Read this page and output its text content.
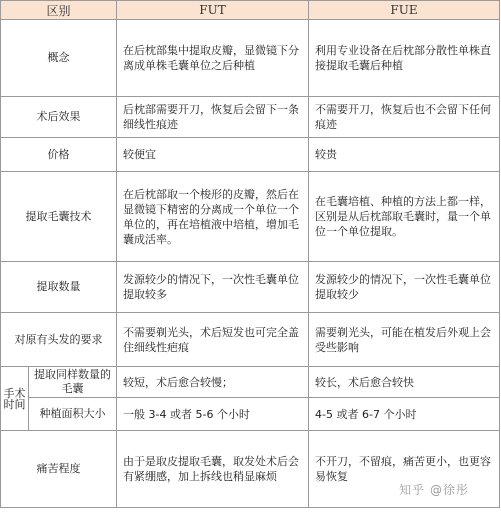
区别		FUT	FUE
概念		在后枕部集中提取皮瓣，显微镜下分离成单株毛囊单位之后种植	利用专业设备在后枕部分散性单株直接提取毛囊后种植
术后效果		后枕部需要开刀，恢复后会留下一条细线性痕迹	不需要开刀，恢复后也不会留下任何痕迹
价格		较便宜	较贵
提取毛囊技术		在后枕部取一个梭形的皮瓣，然后在显微镜下精密的分离成一个单位一个单位的，再在培植液中培植，增加毛囊成活率。	在毛囊培植、种植的方法上都一样，区别是从后枕部取毛囊时，量一个单位一个单位提取。
提取数量		发源较少的情况下，一次性毛囊单位提取较多	发源较少的情况下，一次性毛囊单位提取较少
对原有头发的要求		不需要剃光头，术后短发也可完全盖住细线性疤痕	需要剃光头，可能在植发后外观上会受些影响
手术时间	提取同样数量的毛囊	较短，术后愈合较慢；	较长，术后愈合较快
	种植面积大小	一般 3-4 或者 5-6 个小时	4-5 或者 6-7 个小时
痛苦程度		由于是取皮提取毛囊，取发处术后会有紧绷感，加上拆线也稍显麻烦	不开刀，不留痕，痛苦更小，也更容易恢复
知乎 @徐彤
